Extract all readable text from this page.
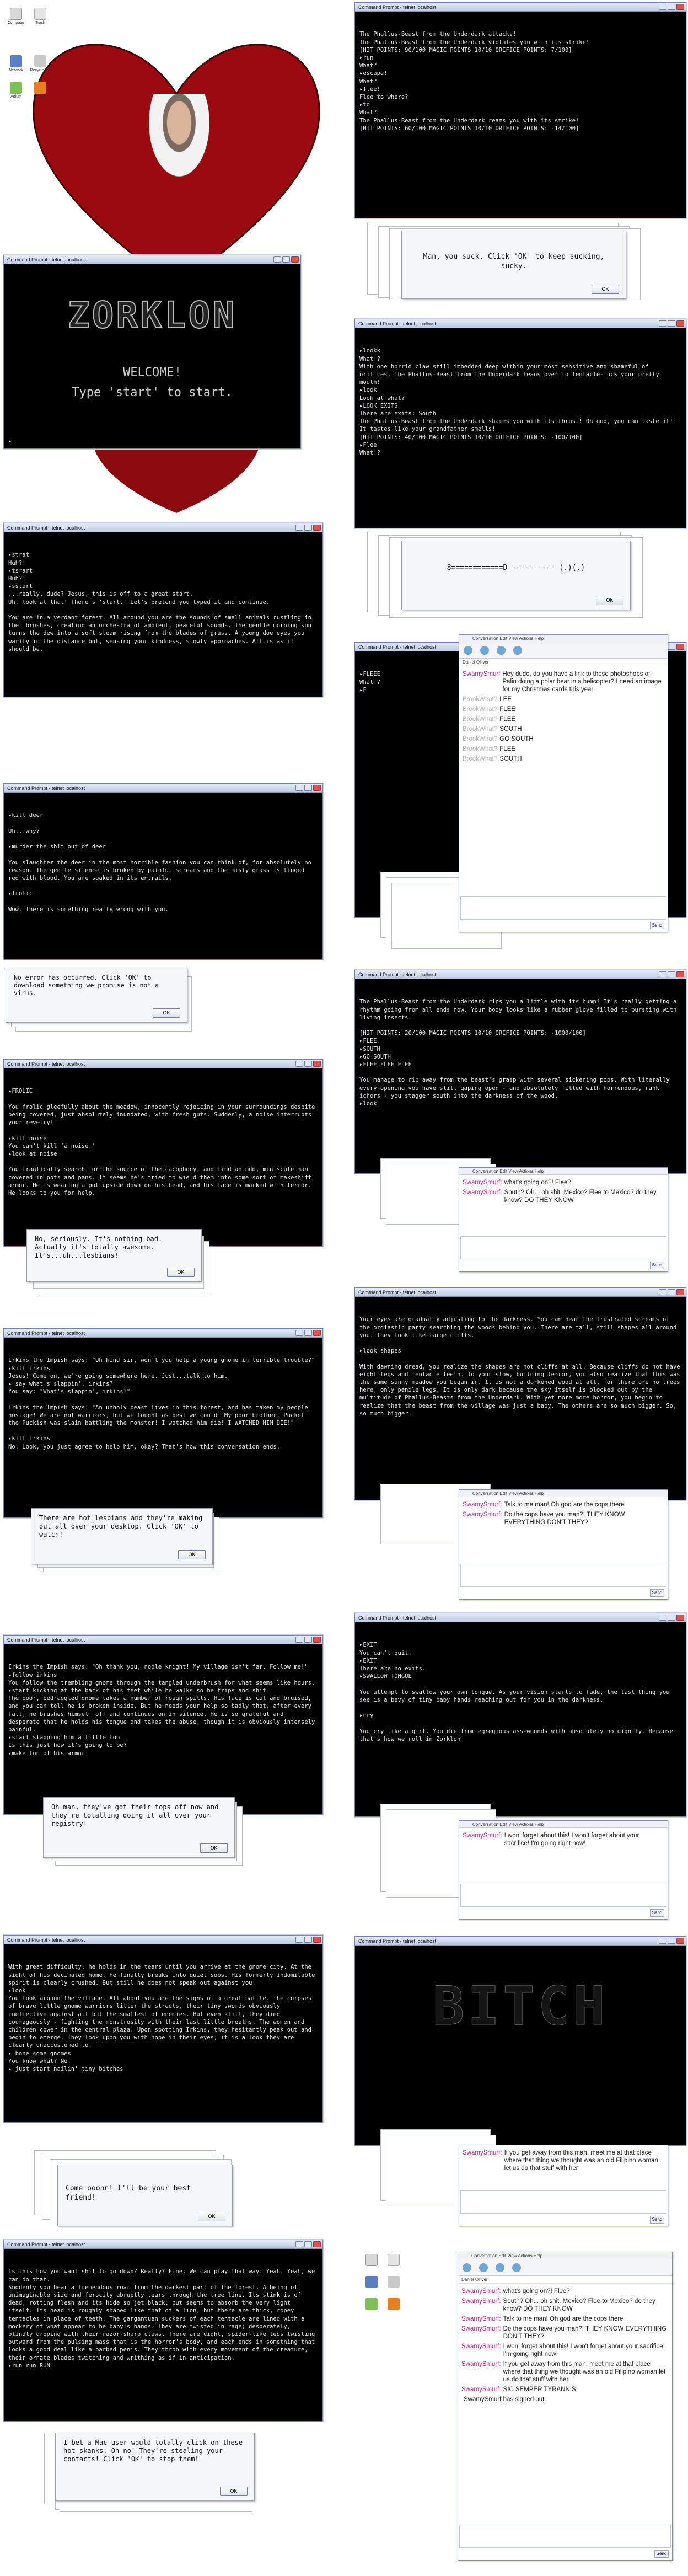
Computer	Trash
Network	Recycle Bin
Adium	Firefox
Command Prompt - telnet localhost

The Phallus-Beast from the Underdark attacks!
The Phallus-Beast from the Underdark violates you with its strike!
[HIT POINTS: 90/100 MAGIC POINTS 10/10 ORIFICE POINTS: 7/100]
▸run
What?
▸escape!
What?
▸flee!
Flee to where?
▸to
What?
The Phallus-Beast from the Underdark reams you with its strike!
[HIT POINTS: 60/100 MAGIC POINTS 10/10 ORIFICE POINTS: -14/100]

Man, you suck. Click 'OK' to keep sucking, sucky.
OK
Command Prompt - telnet localhost
ZORKLON
WELCOME!
Type 'start' to start.
▸
Command Prompt - telnet localhost

▸lookk
What!?
With one horrid claw still imbedded deep within your most sensitive and shameful of orifices, The Phallus-Beast from the Underdark leans over to tentacle-fuck your pretty mouth!
▸look
Look at what?
▸LOOK EXITS
There are exits: South
The Phallus-Beast from the Underdark shames you with its thrust! Oh god, you can taste it! It tastes like your grandfather smells!
[HIT POINTS: 40/100 MAGIC POINTS 10/10 ORIFICE POINTS: -100/100]
▸Flee
What!?

8============D ---------- (.)(.)
OK
Command Prompt - telnet localhost

▸strat
Huh?!
▸tsrart
Huh?!
▸sstart
...really, dude? Jesus, this is off to a great start.
Uh, look at that! There's 'start.' Let's pretend you typed it and continue.
You are in a verdant forest. All around you are the sounds of small animals rustling in the  brushes, creating an orchestra of ambient, peaceful sounds. The gentle morning sun turns the dew into a soft steam rising from the blades of grass. A young doe eyes you warily in the distance but, sensing your kindness, slowly approaches. All is as it should be.

	Command Prompt - telnet localhost

▸FLEEE
What!?
▸F

Conversation Edit View Actions Help
Daniel Olliver
SwamySmurf Hey dude, do you have a link to those photoshops of Palin doing a polar bear in a helicopter? I need an image for my Christmas cards this year.
BrookWhat? LEE
BrookWhat? FLEE
BrookWhat? FLEE
BrookWhat? SOUTH
BrookWhat? GO SOUTH
BrookWhat? FLEE
BrookWhat? SOUTH
Send
Command Prompt - telnet localhost

▸kill deer
Uh...why?
▸murder the shit out of deer
You slaughter the deer in the most horrible fashion you can think of, for absolutely no reason. The gentle silence is broken by painful screams and the misty grass is tinged red with blood. You are soaked in its entrails.
▸frolic
Wow. There is something really wrong with you.

No error has occurred. Click 'OK' to download something we promise is not a virus.
OK
Command Prompt - telnet localhost

The Phallus-Beast from the Underdark rips you a little with its hump! It's really getting a rhythm going from all ends now. Your body looks like a rubber glove filled to bursting with living insects.
[HIT POINTS: 20/100 MAGIC POINTS 10/10 ORIFICE POINTS: -1000/100]
▸FLEE
▸SOUTH
▸GO SOUTH
▸FLEE FLEE FLEE
You manage to rip away from the beast's grasp with several sickening pops. With literally every opening you have still gaping open - and absolutely filled with horrendous, rank ichors - you stagger south into the darkness of the wood.
▸look

Conversation Edit View Actions Help
SwamySmurf: what's going on?! Flee?
SwamySmurf: South? Oh... oh shit. Mexico? Flee to Mexico? do they know? DO THEY KNOW
Send
Command Prompt - telnet localhost

▸FROLIC
You frolic gleefully about the meadow, innocently rejoicing in your surroundings despite being covered, just absolutely inundated, with fresh guts. Suddenly, a noise interrupts your revelry!
▸kill noise
You can't kill 'a noise.'
▸look at noise
You frantically search for the source of the cacophony, and find an odd, miniscule man covered in pots and pans. It seems he's tried to wield them into some sort of makeshift armor. He is wearing a pot upside down on his head, and his face is marked with terror. He looks to you for help.

No, seriously. It's nothing bad. Actually it's totally awesome. It's...uh...lesbians!
OK
Command Prompt - telnet localhost

Your eyes are gradually adjusting to the darkness. You can hear the frustrated screams of the orgiastic party searching the woods behind you. There are tall, still shapes all around you. They look like large cliffs.
▸look shapes
With dawning dread, you realize the shapes are not cliffs at all. Because cliffs do not have eight legs and tentacle teeth. To your slow, building terror, you also realize that this was the same sunny meadow you began in. It is not a darkened wood at all, for there are no trees here; only penile legs. It is only dark because the sky itself is blocked out by the multitude of Phallus-Beasts from the Underdark. With yet more more horror, you begin to realize that the beast from the village was just a baby. The others are so much bigger. So, so much bigger.

Conversation Edit View Actions Help
SwamySmurf: Talk to me man! Oh god are the cops there
SwamySmurf: Do the cops have you man?! THEY KNOW EVERYTHING DON'T THEY?
Send
Command Prompt - telnet localhost

Irkins the Impish says: "Oh kind sir, won't you help a young gnome in terrible trouble?"
▸kill irkins
Jesus! Come on, we're going somewhere here. Just...talk to him.
▸ say what's slappin', irkins?
You say: "What's slappin', irkins?"
Irkins the Impish says: "An unholy beast lives in this forest, and has taken my people hostage! We are not warriors, but we fought as best we could! My poor brother, Puckel the Puckish was slain battling the monster! I watched him die! I WATCHED HIM DIE!"
▸kill irkins
No. Look, you just agree to help him, okay? That's how this conversation ends.

There are hot lesbians and they're making out all over your desktop. Click 'OK' to watch!
OK
Command Prompt - telnet localhost

▸EXIT
You can't quit.
▸EXIT
There are no exits.
▸SWALLOW TONGUE
You attempt to swallow your own tongue. As your vision starts to fade, the last thing you see is a bevy of tiny baby hands reaching out for you in the darkness.
▸cry
You cry like a girl. You die from egregious ass-wounds with absolutely no dignity. Because that's how we roll in Zorklon

Conversation Edit View Actions Help
SwamySmurf: I won' forget about this! I won't forget about your sacrifice! I'm going right now!
Send
Command Prompt - telnet localhost

Irkins the Impish says: "Oh thank you, noble knight! My village isn't far. Follow me!"
▸follow irkins
You follow the trembling gnome through the tangled underbrush for what seems like hours.
▸start kicking at the back of his feet while he walks so he trips and shit
The poor, bedraggled gnome takes a number of rough spills. His face is cut and bruised, and you can tell he is broken inside. But he needs your help so badly that, after every fall, he brushes himself off and continues on in silence. He is so grateful and desperate that he holds his tongue and takes the abuse, though it is obviously intensely painful.
▸start slapping him a little too
Is this just how it's going to be?
▸make fun of his armor

Oh man, they've got their tops off now and they're totalling doing it all over your registry!
OK
Command Prompt - telnet localhost
BITCH
SwamySmurf: If you get away from this man, meet me at that place where that thing we thought was an old Filipino woman let us do that stuff with her
Send
Command Prompt - telnet localhost

With great difficulty, he holds in the tears until you arrive at the gnome city. At the sight of his decimated home, he finally breaks into quiet sobs. His formerly indomitable spirit is clearly crushed. But still he does not speak out against you.
▸look
You look around the village. All about you are the signs of a great battle. The corpses of brave little gnome warriors litter the streets, their tiny swords obviously ineffective against all but the smallest of enemies. But even still, they died courageously - fighting the monstrosity with their last little breaths. The women and children cower in the central plaza. Upon spotting Irkins, they hesitantly peak out and begin to emerge. They look upon you with hope in their eyes; it is a look they are clearly unaccustomed to.
▸ bone some gnomes
You know what? No.
▸ just start nailin' tiny bitches

Come ooonn! I'll be your best friend!
OK
Command Prompt - telnet localhost

Is this how you want shit to go down? Really? Fine. We can play that way. Yeah. Yeah, we can do that.
Suddenly you hear a tremendous roar from the darkest part of the forest. A being of unimaginable size and ferocity abruptly tears through the tree line. Its stink is of dead, rotting flesh and its hide so jet black, but seems to absorb the very light itself. Its head is roughly shaped like that of a lion, but there are thick, ropey tentacles in place of teeth. The gargantuan suckers of each tentacle are lined with a mockery of what appear to be baby's hands. They are twisted in rage; desperately, blindly groping with their razor-sharp claws. There are eight, spider-like legs twisting outward from the pulsing mass that is the horror's body, and each ends in something that looks a good deal like a barbed penis. They throb with every movement of the creature, their ornate blades twitching and writhing as if in anticipation.
▸run run RUN

I bet a Mac user would totally click on these hot skanks. Oh no! They're stealing your contacts! Click 'OK' to stop them!
OK
Conversation Edit View Actions Help
Daniel Olliver
SwamySmurf: what's going on?! Flee?
SwamySmurf: South? Oh... oh shit. Mexico? Flee to Mexico? do they know? DO THEY KNOW
SwamySmurf: Talk to me man! Oh god are the cops there
SwamySmurf: Do the cops have you man?! THEY KNOW EVERYTHING DON'T THEY?
SwamySmurf: I won' forget about this! I won't forget about your sacrifice! I'm going right now!
SwamySmurf: If you get away from this man, meet me at that place where that thing we thought was an old Filipino woman let us do that stuff with her
SwamySmurf: SIC SEMPER TYRANNIS
SwamySmurf has signed out.
Send
